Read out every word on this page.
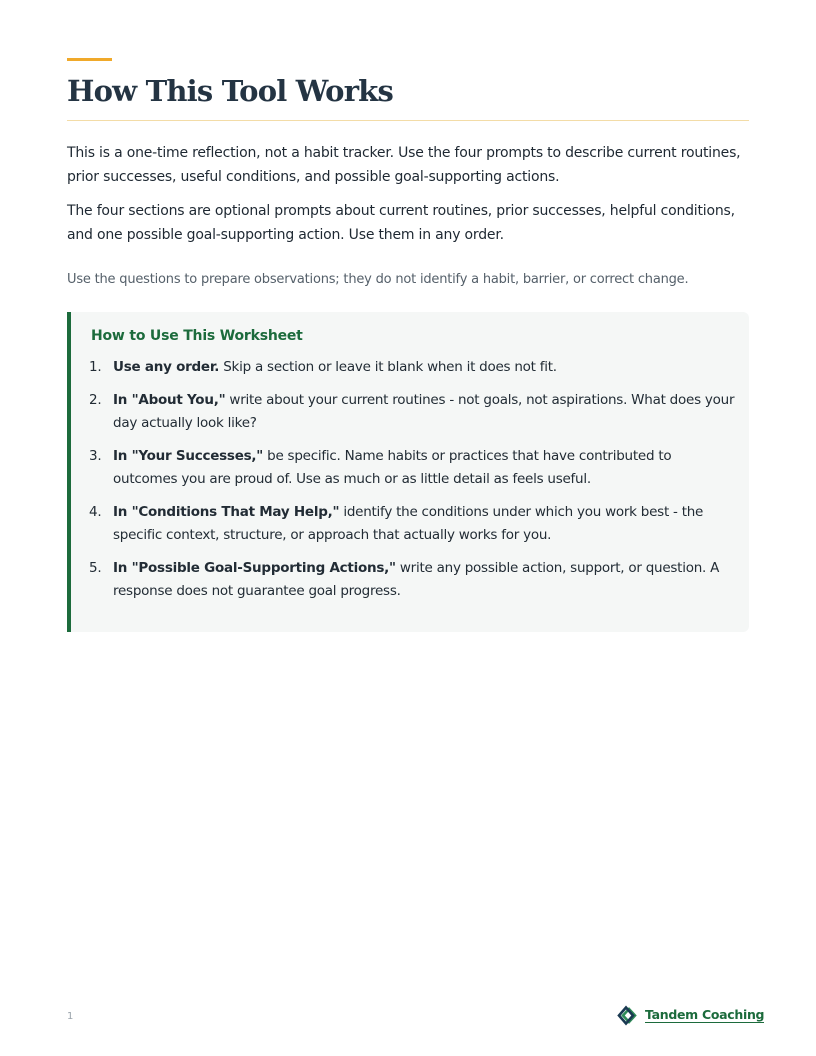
How This Tool Works

This is a one-time reflection, not a habit tracker. Use the four prompts to describe current routines, prior successes, useful conditions, and possible goal-supporting actions.

The four sections are optional prompts about current routines, prior successes, helpful conditions, and one possible goal-supporting action. Use them in any order.

Use the questions to prepare observations; they do not identify a habit, barrier, or correct change.

How to Use This Worksheet
1. Use any order. Skip a section or leave it blank when it does not fit.
2. In "About You," write about your current routines - not goals, not aspirations. What does your day actually look like?
3. In "Your Successes," be specific. Name habits or practices that have contributed to outcomes you are proud of. Use as much or as little detail as feels useful.
4. In "Conditions That May Help," identify the conditions under which you work best - the specific context, structure, or approach that actually works for you.
5. In "Possible Goal-Supporting Actions," write any possible action, support, or question. A response does not guarantee goal progress.
1	Tandem Coaching
